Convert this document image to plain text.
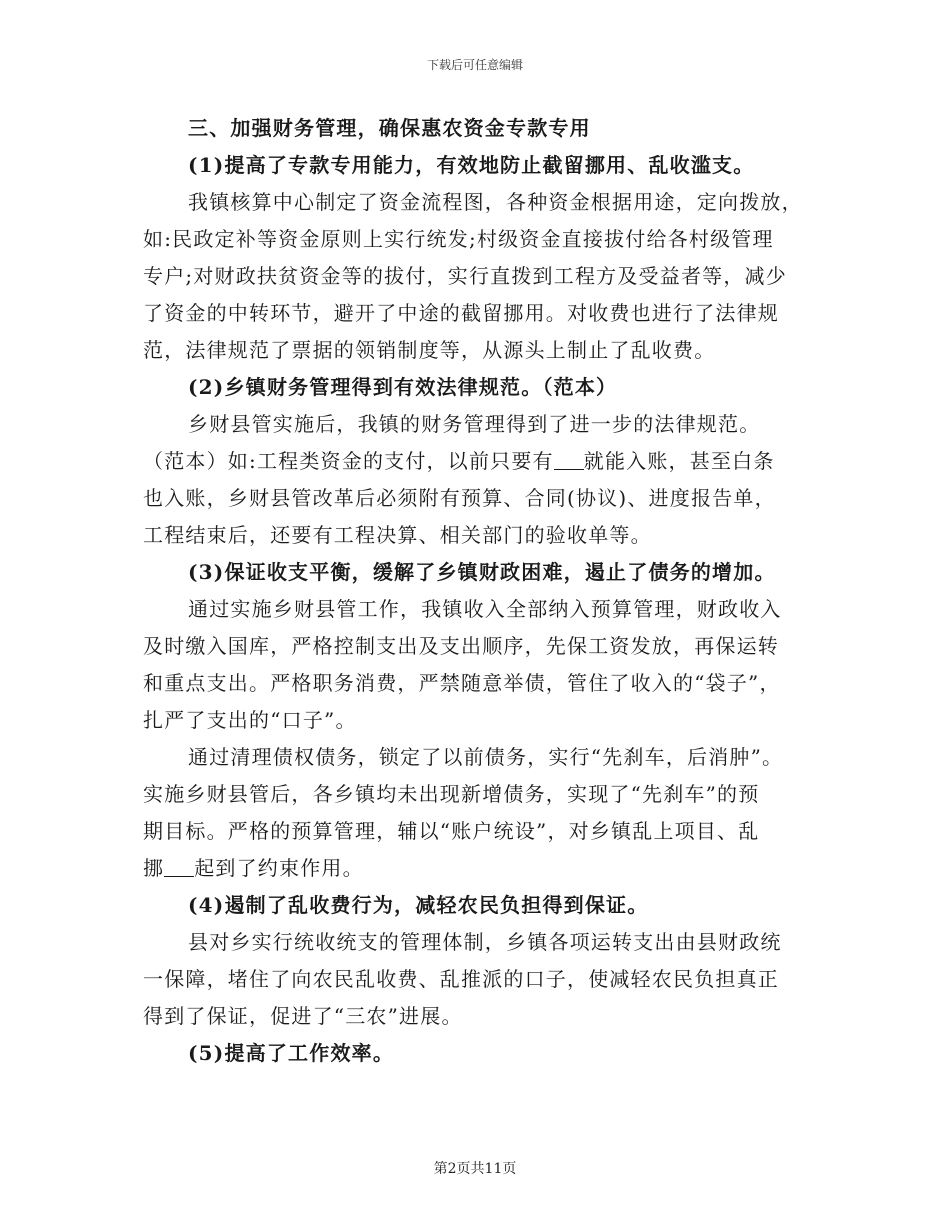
下载后可任意编辑
三、加强财务管理，确保惠农资金专款专用
(1)提高了专款专用能力，有效地防止截留挪用、乱收滥支。
我镇核算中心制定了资金流程图，各种资金根据用途，定向拨放，
如:民政定补等资金原则上实行统发;村级资金直接拔付给各村级管理
专户;对财政扶贫资金等的拔付，实行直拨到工程方及受益者等，减少
了资金的中转环节，避开了中途的截留挪用。对收费也进行了法律规
范，法律规范了票据的领销制度等，从源头上制止了乱收费。
(2)乡镇财务管理得到有效法律规范。（范本）
乡财县管实施后，我镇的财务管理得到了进一步的法律规范。
（范本）如:工程类资金的支付，以前只要有 就能入账，甚至白条
也入账，乡财县管改革后必须附有预算、合同(协议)、进度报告单，
工程结束后，还要有工程决算、相关部门的验收单等。
(3)保证收支平衡，缓解了乡镇财政困难，遏止了债务的增加。
通过实施乡财县管工作，我镇收入全部纳入预算管理，财政收入
及时缴入国库，严格控制支出及支出顺序，先保工资发放，再保运转
和重点支出。严格职务消费，严禁随意举债，管住了收入的“袋子”，
扎严了支出的“口子”。
通过清理债权债务，锁定了以前债务，实行“先刹车，后消肿”。
实施乡财县管后，各乡镇均未出现新增债务，实现了“先刹车”的预
期目标。严格的预算管理，辅以“账户统设”，对乡镇乱上项目、乱
挪 起到了约束作用。
(4)遏制了乱收费行为，减轻农民负担得到保证。
县对乡实行统收统支的管理体制，乡镇各项运转支出由县财政统
一保障，堵住了向农民乱收费、乱推派的口子，使减轻农民负担真正
得到了保证，促进了“三农”进展。
(5)提高了工作效率。
第2页共11页
